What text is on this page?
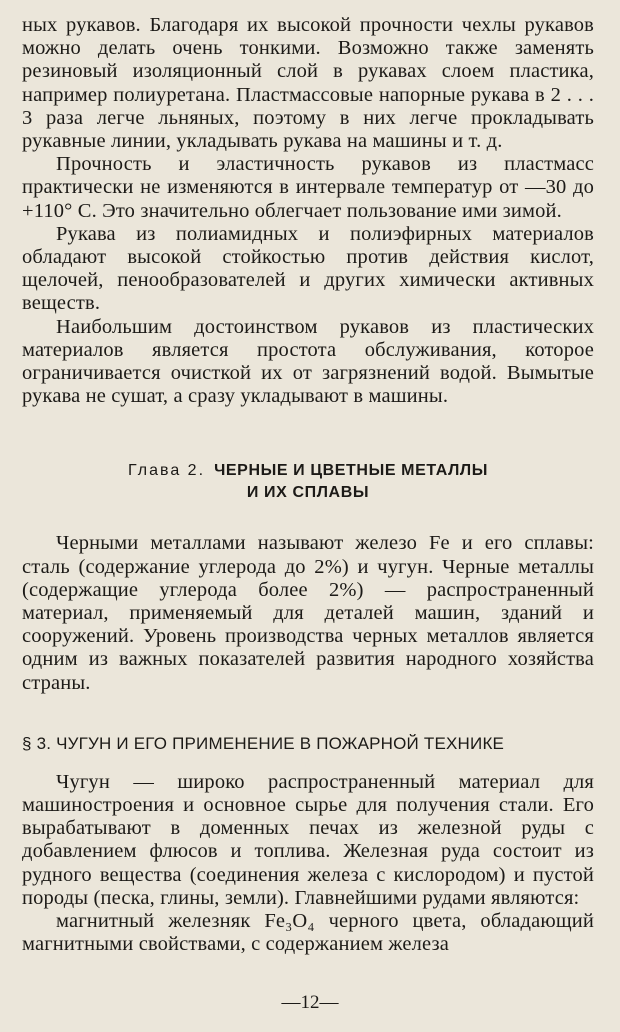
ных рукавов. Благодаря их высокой прочности чехлы рукавов можно делать очень тонкими. Возможно также заменять резиновый изоляционный слой в рукавах слоем пластика, например полиуретана. Пластмассовые напорные рукава в 2 . . . 3 раза легче льняных, поэтому в них легче прокладывать рукавные линии, укладывать рукава на машины и т. д.

Прочность и эластичность рукавов из пластмасс практически не изменяются в интервале температур от —30 до +110° С. Это значительно облегчает пользование ими зимой.

Рукава из полиамидных и полиэфирных материалов обладают высокой стойкостью против действия кислот, щелочей, пенообразователей и других химически активных веществ.

Наибольшим достоинством рукавов из пластических материалов является простота обслуживания, которое ограничивается очисткой их от загрязнений водой. Вымытые рукава не сушат, а сразу укладывают в машины.

Глава 2. ЧЕРНЫЕ И ЦВЕТНЫЕ МЕТАЛЛЫ
И ИХ СПЛАВЫ

Черными металлами называют железо Fe и его сплавы: сталь (содержание углерода до 2%) и чугун. Черные металлы (содержащие углерода более 2%) — распространенный материал, применяемый для деталей машин, зданий и сооружений. Уровень производства черных металлов является одним из важных показателей развития народного хозяйства страны.

§ 3. ЧУГУН И ЕГО ПРИМЕНЕНИЕ В ПОЖАРНОЙ ТЕХНИКЕ

Чугун — широко распространенный материал для машиностроения и основное сырье для получения стали. Его вырабатывают в доменных печах из железной руды с добавлением флюсов и топлива. Железная руда состоит из рудного вещества (соединения железа с кислородом) и пустой породы (песка, глины, земли). Главнейшими рудами являются:

магнитный железняк Fe₃O₄ черного цвета, обладающий магнитными свойствами, с содержанием железа

—12—
